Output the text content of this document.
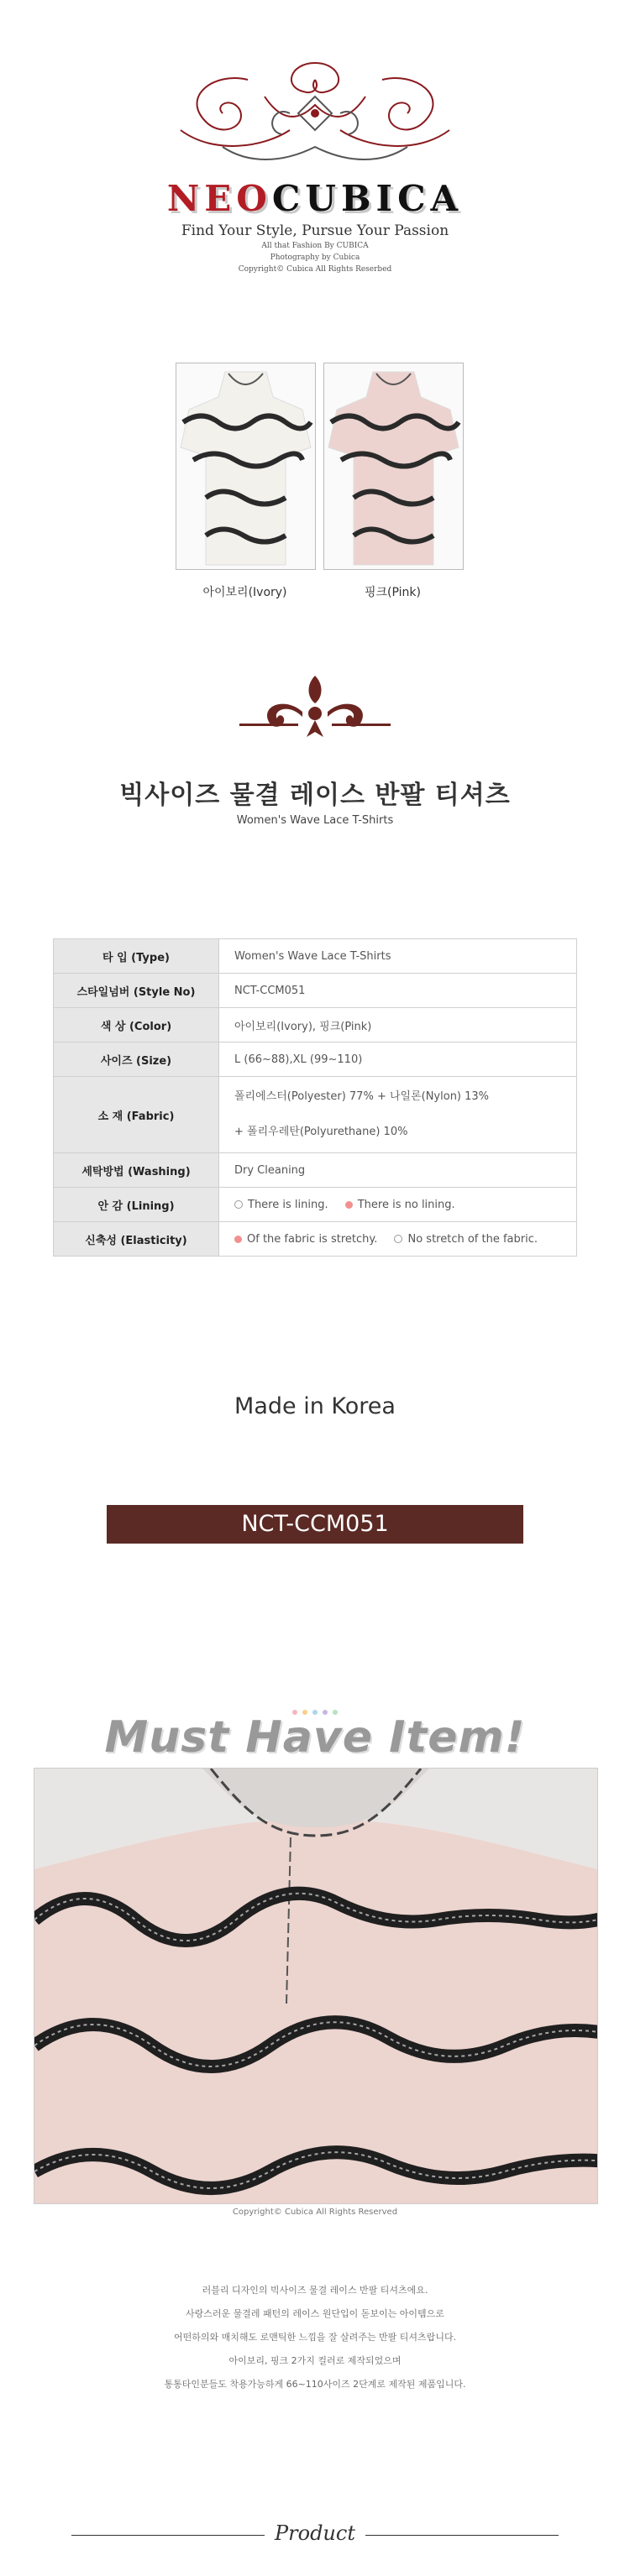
NEOCUBICA
Find Your Style, Pursue Your Passion
All that Fashion By CUBICA
Photography by Cubica
Copyright© Cubica All Rights Reserbed
아이보리(Ivory)	핑크(Pink)
빅사이즈 물결 레이스 반팔 티셔츠
Women's Wave Lace T-Shirts
타 입 (Type)	Women's Wave Lace T-Shirts
스타일넘버 (Style No)	NCT-CCM051
색 상 (Color)	아이보리(Ivory), 핑크(Pink)
사이즈 (Size)	L (66~88),XL (99~110)
소 재 (Fabric)	폴리에스터(Polyester) 77% + 나일론(Nylon) 13%
+ 폴리우레탄(Polyurethane) 10%

세탁방법 (Washing)	Dry Cleaning
안 감 (Lining)	There is lining. There is no lining.
신축성 (Elasticity)	Of the fabric is stretchy. No stretch of the fabric.
Made in Korea
NCT-CCM051
Must Have Item!
Copyright© Cubica All Rights Reserved
러블리 디자인의 빅사이즈 물결 레이스 반팔 티셔츠에요.
사랑스러운 물결레 패턴의 레이스 원단입이 돋보이는 아이템으로
어떤하의와 매치해도 로맨틱한 느낌을 잘 살려주는 반팔 티셔츠랍니다.
아이보리, 핑크 2가지 컬러로 제작되었으며
통통타인분들도 착용가능하게 66~110사이즈 2단계로 제작된 제품입니다.
Product
